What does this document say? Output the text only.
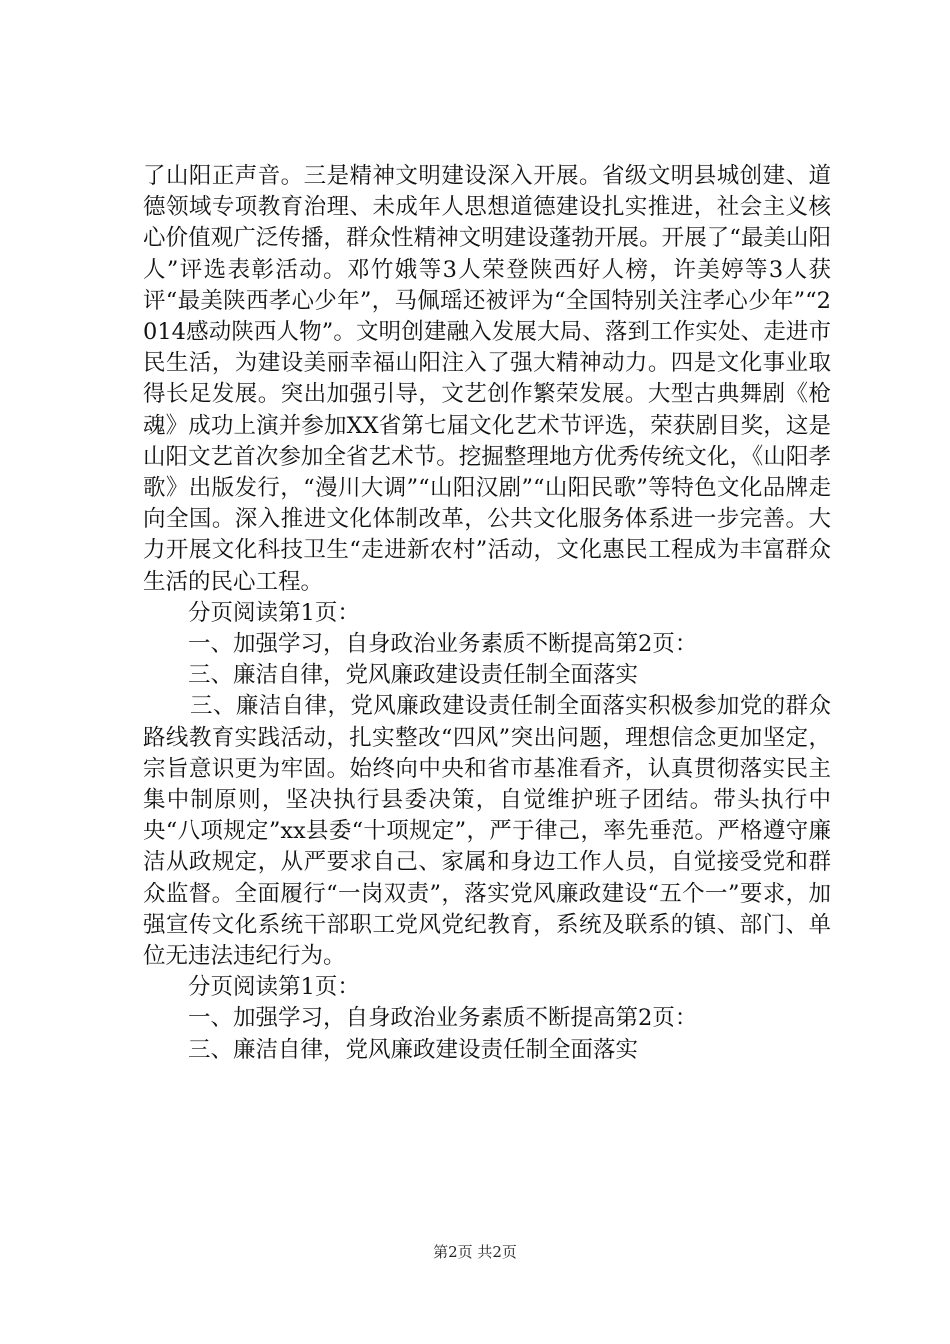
了山阳正声音。三是精神文明建设深入开展。省级文明县城创建、道德领域专项教育治理、未成年人思想道德建设扎实推进，社会主义核心价值观广泛传播，群众性精神文明建设蓬勃开展。开展了“最美山阳人”评选表彰活动。邓竹娥等3人荣登陕西好人榜，许美婷等3人获评“最美陕西孝心少年”，马佩瑶还被评为“全国特别关注孝心少年”“2014感动陕西人物”。文明创建融入发展大局、落到工作实处、走进市民生活，为建设美丽幸福山阳注入了强大精神动力。四是文化事业取得长足发展。突出加强引导，文艺创作繁荣发展。大型古典舞剧《枪魂》成功上演并参加XX省第七届文化艺术节评选，荣获剧目奖，这是山阳文艺首次参加全省艺术节。挖掘整理地方优秀传统文化，《山阳孝歌》出版发行，“漫川大调”“山阳汉剧”“山阳民歌”等特色文化品牌走向全国。深入推进文化体制改革，公共文化服务体系进一步完善。大力开展文化科技卫生“走进新农村”活动，文化惠民工程成为丰富群众生活的民心工程。

分页阅读第1页：

一、加强学习，自身政治业务素质不断提高第2页：

三、廉洁自律，党风廉政建设责任制全面落实

三、廉洁自律，党风廉政建设责任制全面落实积极参加党的群众路线教育实践活动，扎实整改“四风”突出问题，理想信念更加坚定，宗旨意识更为牢固。始终向中央和省市基准看齐，认真贯彻落实民主集中制原则，坚决执行县委决策，自觉维护班子团结。带头执行中央“八项规定”xx县委“十项规定”，严于律己，率先垂范。严格遵守廉洁从政规定，从严要求自己、家属和身边工作人员，自觉接受党和群众监督。全面履行“一岗双责”，落实党风廉政建设“五个一”要求，加强宣传文化系统干部职工党风党纪教育，系统及联系的镇、部门、单位无违法违纪行为。

分页阅读第1页：

一、加强学习，自身政治业务素质不断提高第2页：

三、廉洁自律，党风廉政建设责任制全面落实

第2页 共2页
